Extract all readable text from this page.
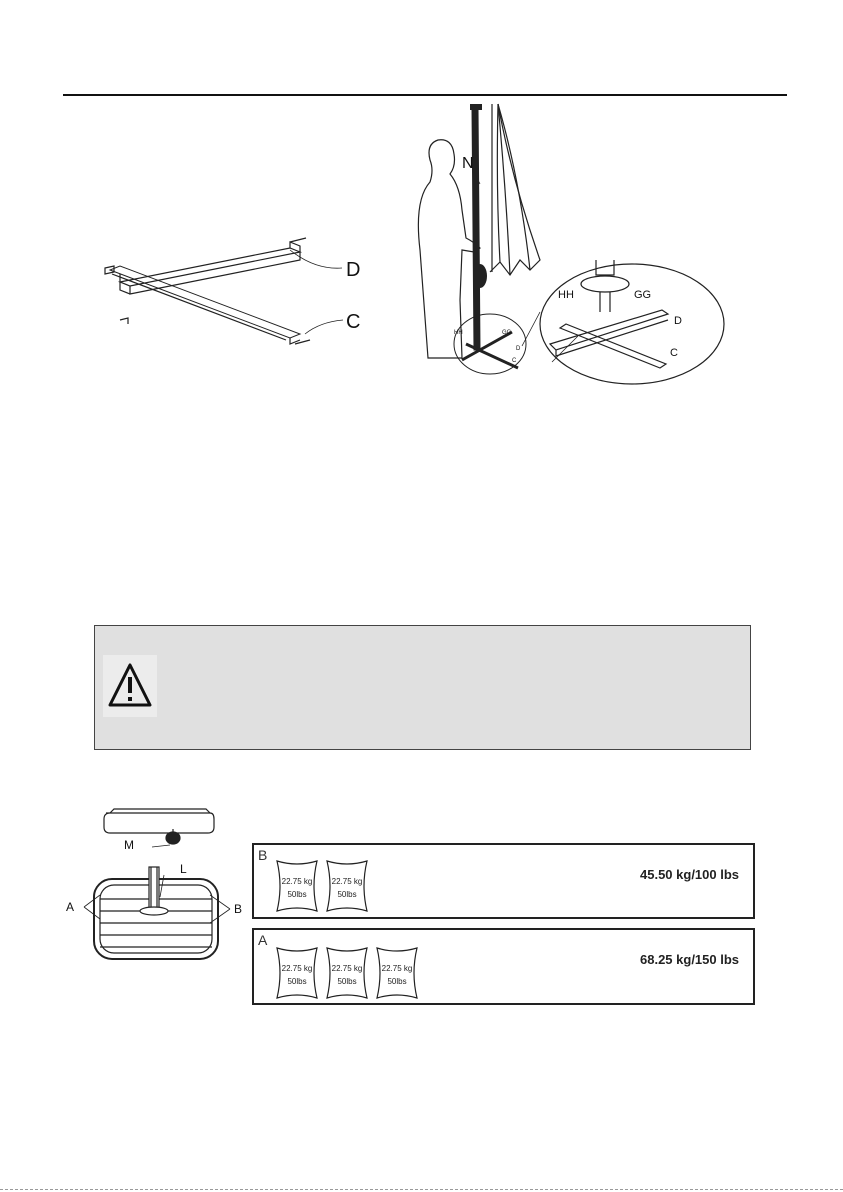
D
C	HH	GG
D
C
HH	GG
D
C
N
M
L
A	B
B
22.75 kg
50lbs
22.75 kg
50lbs
45.50 kg/100 lbs
A
22.75 kg
50lbs
22.75 kg
50lbs
22.75 kg
50lbs
68.25 kg/150 lbs
